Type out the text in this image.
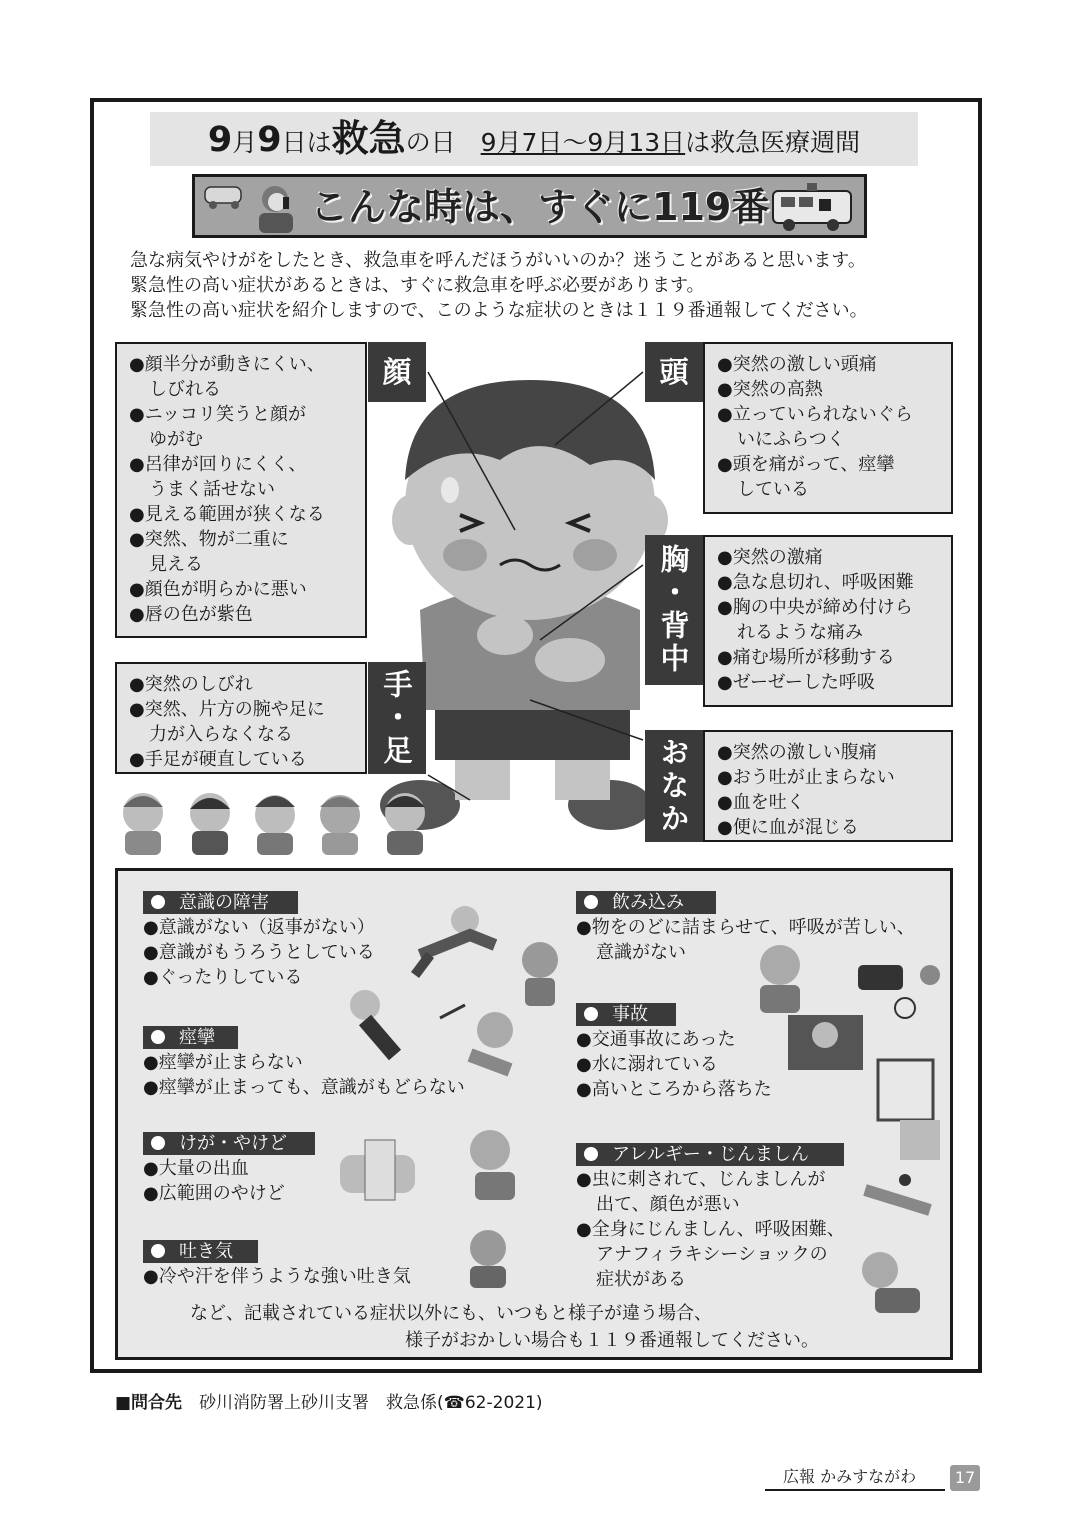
9月9日は救急の日　 9月7日～9月13日は救急医療週間
こんな時は、すぐに119番
急な病気やけがをしたとき、救急車を呼んだほうがいいのか？迷うことがあると思います。
緊急性の高い症状があるときは、すぐに救急車を呼ぶ必要があります。
緊急性の高い症状を紹介しますので、このような症状のときは１１９番通報してください。
●顔半分が動きにくい、
しびれる
●ニッコリ笑うと顔が
ゆがむ
●呂律が回りにくく、
うまく話せない
●見える範囲が狭くなる
●突然、物が二重に
見える
●顔色が明らかに悪い
●唇の色が紫色
顔	●突然の激しい頭痛
●突然の高熱
●立っていられないぐら
いにふらつく
●頭を痛がって、痙攣
している
頭
●突然の激痛
●急な息切れ、呼吸困難
●胸の中央が締め付けら
れるような痛み
●痛む場所が移動する
●ゼーゼーした呼吸
胸・背中
●突然のしびれ
●突然、片方の腕や足に
力が入らなくなる
●手足が硬直している	手・足	●突然の激しい腹痛
●おう吐が止まらない
●血を吐く
●便に血が混じる
おなか
意識の障害
●意識がない（返事がない）
●意識がもうろうとしている
●ぐったりしている
痙攣
●痙攣が止まらない
●痙攣が止まっても、意識がもどらない
けが・やけど
●大量の出血
●広範囲のやけど
吐き気
●冷や汗を伴うような強い吐き気
飲み込み
●物をのどに詰まらせて、呼吸が苦しい、
意識がない
事故
●交通事故にあった
●水に溺れている
●高いところから落ちた
アレルギー・じんましん
●虫に刺されて、じんましんが
出て、顔色が悪い
●全身にじんましん、呼吸困難、
アナフィラキシーショックの
症状がある
など、記載されている症状以外にも、いつもと様子が違う場合、
様子がおかしい場合も１１９番通報してください。
■問合先　 砂川消防署上砂川支署　救急係(☎62-2021)
広報 かみすながわ	17
